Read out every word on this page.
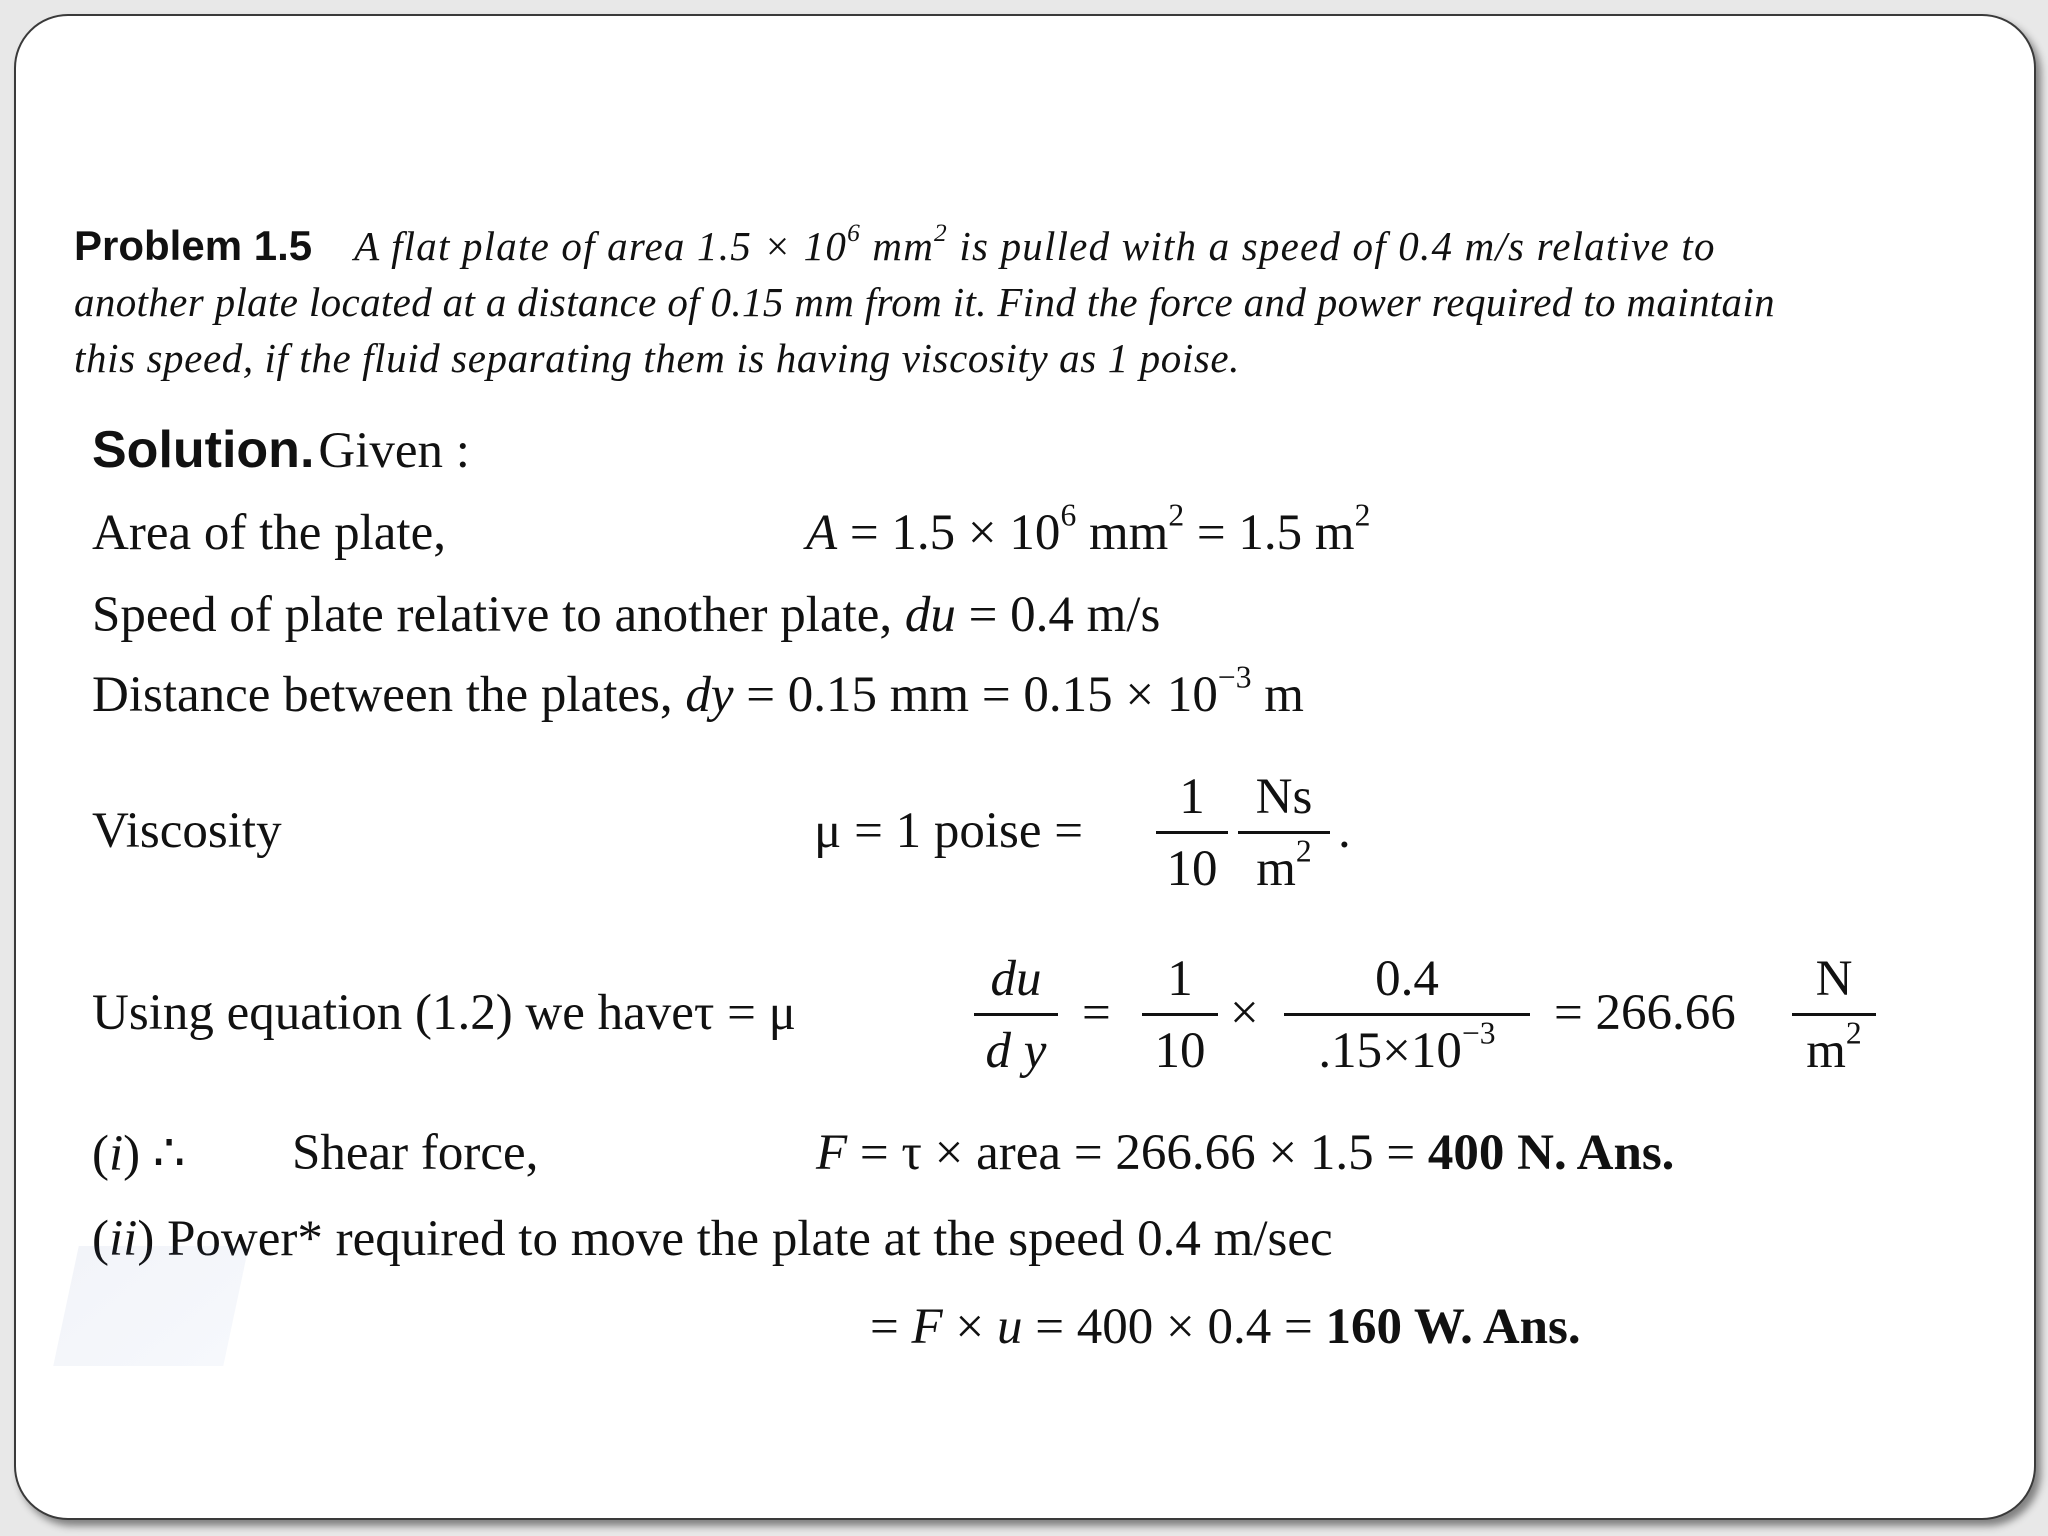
Problem 1.5 A flat plate of area $1.5 \times 10^6$ $mm^2$ is pulled with a speed of 0.4 m/s relative to
another plate located at a distance of 0.15 mm from it. Find the force and power required to maintain
this speed, if the fluid separating them is having viscosity as 1 poise.
Solution. Given :
Area of the plate,	$A = 1.5 \times 10^6$ $mm^2 = 1.5$ $m^2$
Speed of plate relative to another plate, du = 0.4 m/s
Distance between the plates, dy = 0.15 mm = $0.15 \times 10^{-3}$ m
Viscosity	μ = 1 poise =
1
10
Ns
$m^2$ .
Using equation (1.2) we haveτ = μ
du
d y
=
1
10
×
0.4
$.15\times 10^{-3}$	= 266.66
N
$m^2$
(i) ∴ Shear force,	F = τ × area = 266.66 × 1.5 = 400 N. Ans.
(ii) Power* required to move the plate at the speed 0.4 m/sec
= F × u = 400 × 0.4 = 160 W. Ans.
